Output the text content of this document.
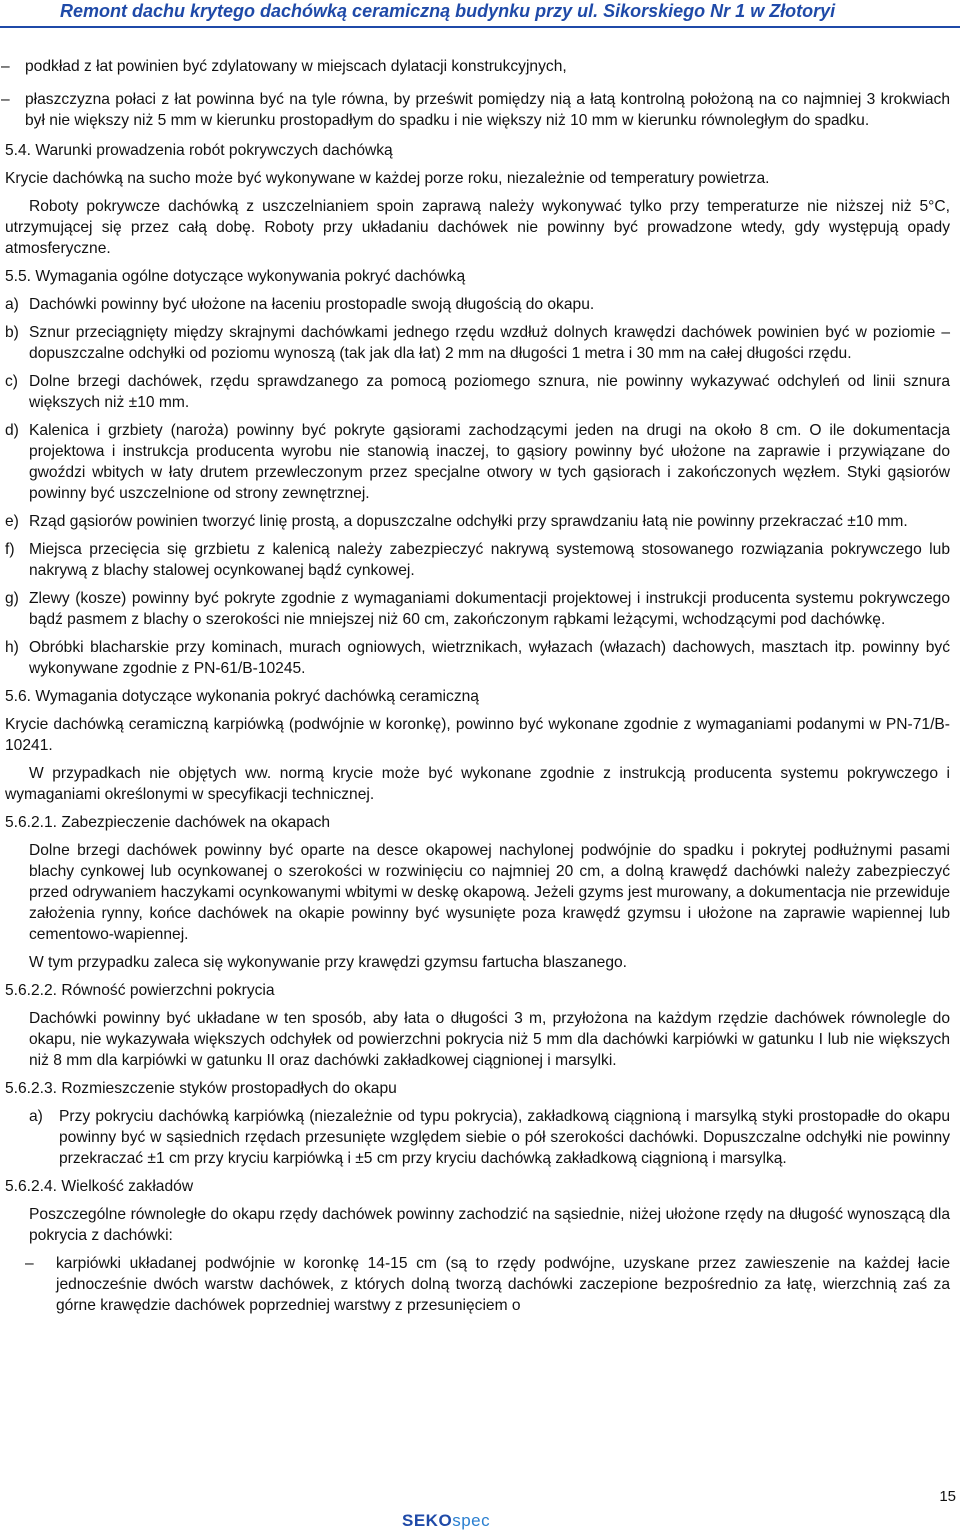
Remont dachu krytego dachówką ceramiczną budynku przy ul. Sikorskiego Nr 1 w Złotoryi
– podkład z łat powinien być zdylatowany w miejscach dylatacji konstrukcyjnych,
– płaszczyzna połaci z łat powinna być na tyle równa, by prześwit pomiędzy nią a łatą kontrolną położoną na co najmniej 3 krokwiach był nie większy niż 5 mm w kierunku prostopadłym do spadku i nie większy niż 10 mm w kierunku równoległym do spadku.
5.4. Warunki prowadzenia robót pokrywczych dachówką

Krycie dachówką na sucho może być wykonywane w każdej porze roku, niezależnie od temperatury powietrza.

Roboty pokrywcze dachówką z uszczelnianiem spoin zaprawą należy wykonywać tylko przy temperaturze nie niższej niż 5°C, utrzymującej się przez całą dobę. Roboty przy układaniu dachówek nie powinny być prowadzone wtedy, gdy występują opady atmosferyczne.

5.5. Wymagania ogólne dotyczące wykonywania pokryć dachówką
a) Dachówki powinny być ułożone na łaceniu prostopadle swoją długością do okapu.
b) Sznur przeciągnięty między skrajnymi dachówkami jednego rzędu wzdłuż dolnych krawędzi dachówek powinien być w poziomie – dopuszczalne odchyłki od poziomu wynoszą (tak jak dla łat) 2 mm na długości 1 metra i 30 mm na całej długości rzędu.
c) Dolne brzegi dachówek, rzędu sprawdzanego za pomocą poziomego sznura, nie powinny wykazywać odchyleń od linii sznura większych niż ±10 mm.
d) Kalenica i grzbiety (naroża) powinny być pokryte gąsiorami zachodzącymi jeden na drugi na około 8 cm. O ile dokumentacja projektowa i instrukcja producenta wyrobu nie stanowią inaczej, to gąsiory powinny być ułożone na zaprawie i przywiązane do gwoździ wbitych w łaty drutem przewleczonym przez specjalne otwory w tych gąsiorach i zakończonych węzłem. Styki gąsiorów powinny być uszczelnione od strony zewnętrznej.
e) Rząd gąsiorów powinien tworzyć linię prostą, a dopuszczalne odchyłki przy sprawdzaniu łatą nie powinny przekraczać ±10 mm.
f) Miejsca przecięcia się grzbietu z kalenicą należy zabezpieczyć nakrywą systemową stosowanego rozwiązania pokrywczego lub nakrywą z blachy stalowej ocynkowanej bądź cynkowej.
g) Zlewy (kosze) powinny być pokryte zgodnie z wymaganiami dokumentacji projektowej i instrukcji producenta systemu pokrywczego bądź pasmem z blachy o szerokości nie mniejszej niż 60 cm, zakończonym rąbkami leżącymi, wchodzącymi pod dachówkę.
h) Obróbki blacharskie przy kominach, murach ogniowych, wietrznikach, wyłazach (włazach) dachowych, masztach itp. powinny być wykonywane zgodnie z PN-61/B-10245.
5.6. Wymagania dotyczące wykonania pokryć dachówką ceramiczną

Krycie dachówką ceramiczną karpiówką (podwójnie w koronkę), powinno być wykonane zgodnie z wymaganiami podanymi w PN-71/B-10241.

W przypadkach nie objętych ww. normą krycie może być wykonane zgodnie z instrukcją producenta systemu pokrywczego i wymaganiami określonymi w specyfikacji technicznej.

5.6.2.1. Zabezpieczenie dachówek na okapach

Dolne brzegi dachówek powinny być oparte na desce okapowej nachylonej podwójnie do spadku i pokrytej podłużnymi pasami blachy cynkowej lub ocynkowanej o szerokości w rozwinięciu co najmniej 20 cm, a dolną krawędź dachówki należy zabezpieczyć przed odrywaniem haczykami ocynkowanymi wbitymi w deskę okapową. Jeżeli gzyms jest murowany, a dokumentacja nie przewiduje założenia rynny, końce dachówek na okapie powinny być wysunięte poza krawędź gzymsu i ułożone na zaprawie wapiennej lub cementowo-wapiennej.

W tym przypadku zaleca się wykonywanie przy krawędzi gzymsu fartucha blaszanego.

5.6.2.2. Równość powierzchni pokrycia

Dachówki powinny być układane w ten sposób, aby łata o długości 3 m, przyłożona na każdym rzędzie dachówek równolegle do okapu, nie wykazywała większych odchyłek od powierzchni pokrycia niż 5 mm dla dachówki karpiówki w gatunku I lub nie większych niż 8 mm dla karpiówki w gatunku II oraz dachówki zakładkowej ciągnionej i marsylki.

5.6.2.3. Rozmieszczenie styków prostopadłych do okapu
a) Przy pokryciu dachówką karpiówką (niezależnie od typu pokrycia), zakładkową ciągnioną i marsylką styki prostopadłe do okapu powinny być w sąsiednich rzędach przesunięte względem siebie o pół szerokości dachówki. Dopuszczalne odchyłki nie powinny przekraczać ±1 cm przy kryciu karpiówką i ±5 cm przy kryciu dachówką zakładkową ciągnioną i marsylką.
5.6.2.4. Wielkość zakładów

Poszczególne równoległe do okapu rzędy dachówek powinny zachodzić na sąsiednie, niżej ułożone rzędy na długość wynoszącą dla pokrycia z dachówki:

– karpiówki układanej podwójnie w koronkę 14-15 cm (są to rzędy podwójne, uzyskane przez zawieszenie na każdej łacie jednocześnie dwóch warstw dachówek, z których dolną tworzą dachówki zaczepione bezpośrednio za łatę, wierzchnią zaś za górne krawędzie dachówek poprzedniej warstwy z przesunięciem o
15
SEKOspec
